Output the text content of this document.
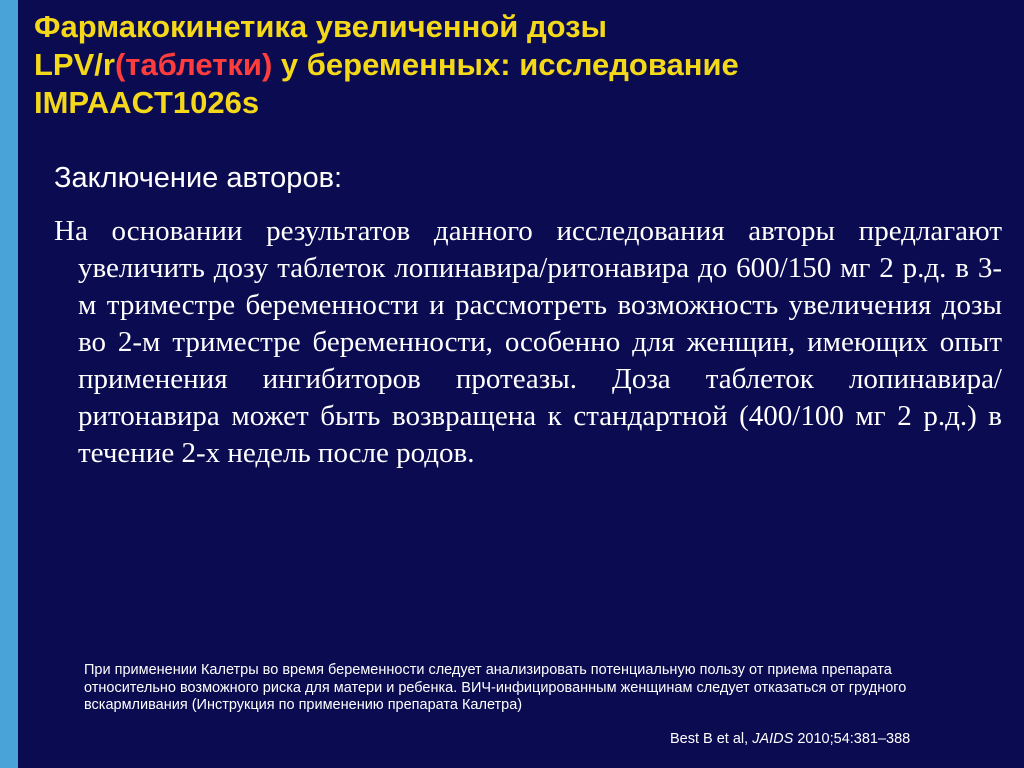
Фармакокинетика увеличенной дозы
LPV/r(таблетки) у беременных: исследование
IMPAACT1026s
Заключение авторов:

На основании результатов данного исследования авторы предлагают увеличить дозу таблеток лопинавира/ритонавира до 600/150 мг 2 р.д. в 3-м триместре беременности и рассмотреть возможность увеличения дозы во 2-м триместре беременности, особенно для женщин, имеющих опыт применения ингибиторов протеазы. Доза таблеток лопинавира/ритонавира может быть возвращена к стандартной (400/100 мг 2 р.д.) в течение 2-х недель после родов.

При применении Калетры во время беременности следует анализировать потенциальную пользу от приема препарата относительно возможного риска для матери и ребенка. ВИЧ-инфицированным женщинам следует отказаться от грудного вскармливания (Инструкция по применению препарата Калетра)

Best B et al, JAIDS 2010;54:381–388
